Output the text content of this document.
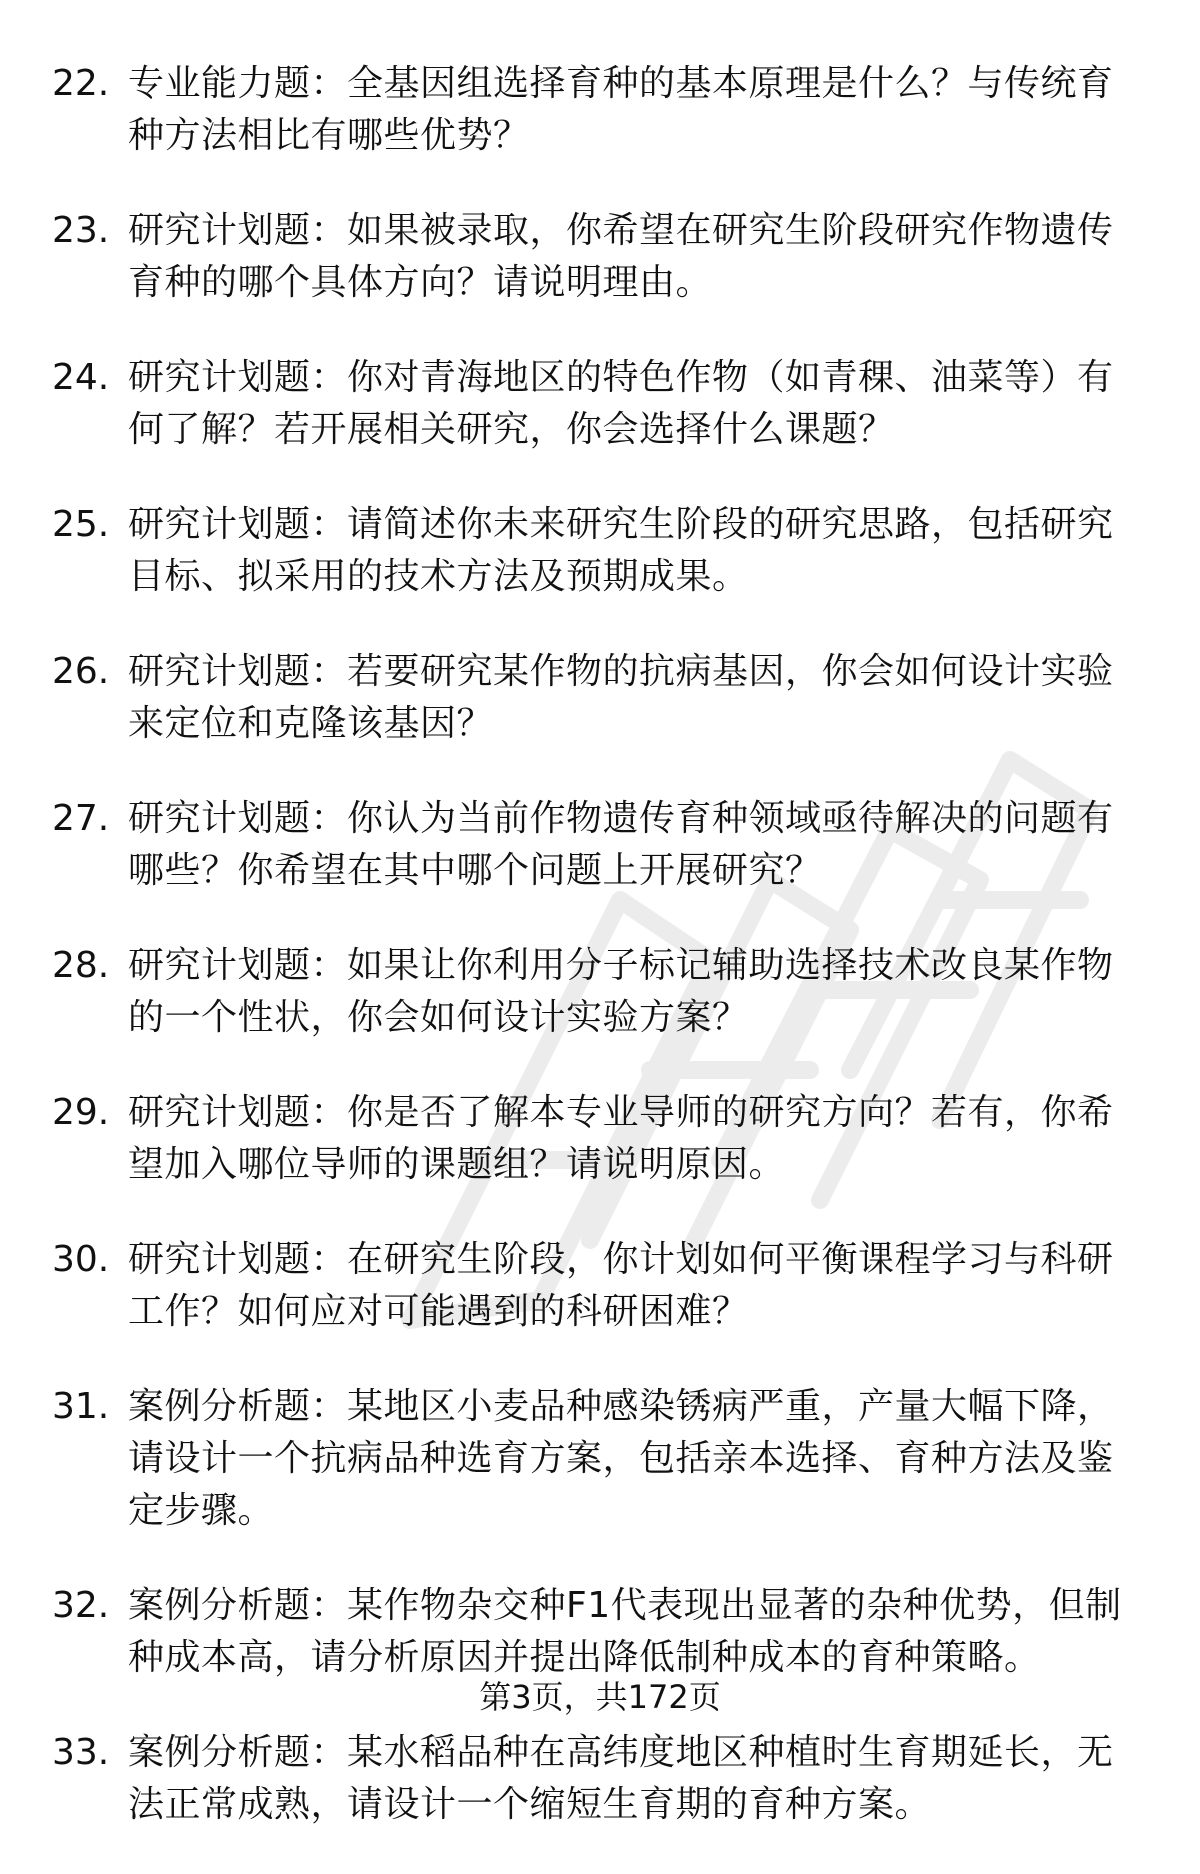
22. 专业能力题：全基因组选择育种的基本原理是什么？与传统育种方法相比有哪些优势？
23. 研究计划题：如果被录取，你希望在研究生阶段研究作物遗传育种的哪个具体方向？请说明理由。
24. 研究计划题：你对青海地区的特色作物（如青稞、油菜等）有何了解？若开展相关研究，你会选择什么课题？
25. 研究计划题：请简述你未来研究生阶段的研究思路，包括研究目标、拟采用的技术方法及预期成果。
26. 研究计划题：若要研究某作物的抗病基因，你会如何设计实验来定位和克隆该基因？
27. 研究计划题：你认为当前作物遗传育种领域亟待解决的问题有哪些？你希望在其中哪个问题上开展研究？
28. 研究计划题：如果让你利用分子标记辅助选择技术改良某作物的一个性状，你会如何设计实验方案？
29. 研究计划题：你是否了解本专业导师的研究方向？若有，你希望加入哪位导师的课题组？请说明原因。
30. 研究计划题：在研究生阶段，你计划如何平衡课程学习与科研工作？如何应对可能遇到的科研困难？
31. 案例分析题：某地区小麦品种感染锈病严重，产量大幅下降，请设计一个抗病品种选育方案，包括亲本选择、育种方法及鉴定步骤。
32. 案例分析题：某作物杂交种F1代表现出显著的杂种优势，但制种成本高，请分析原因并提出降低制种成本的育种策略。
33. 案例分析题：某水稻品种在高纬度地区种植时生育期延长，无法正常成熟，请设计一个缩短生育期的育种方案。
第3页，共172页
